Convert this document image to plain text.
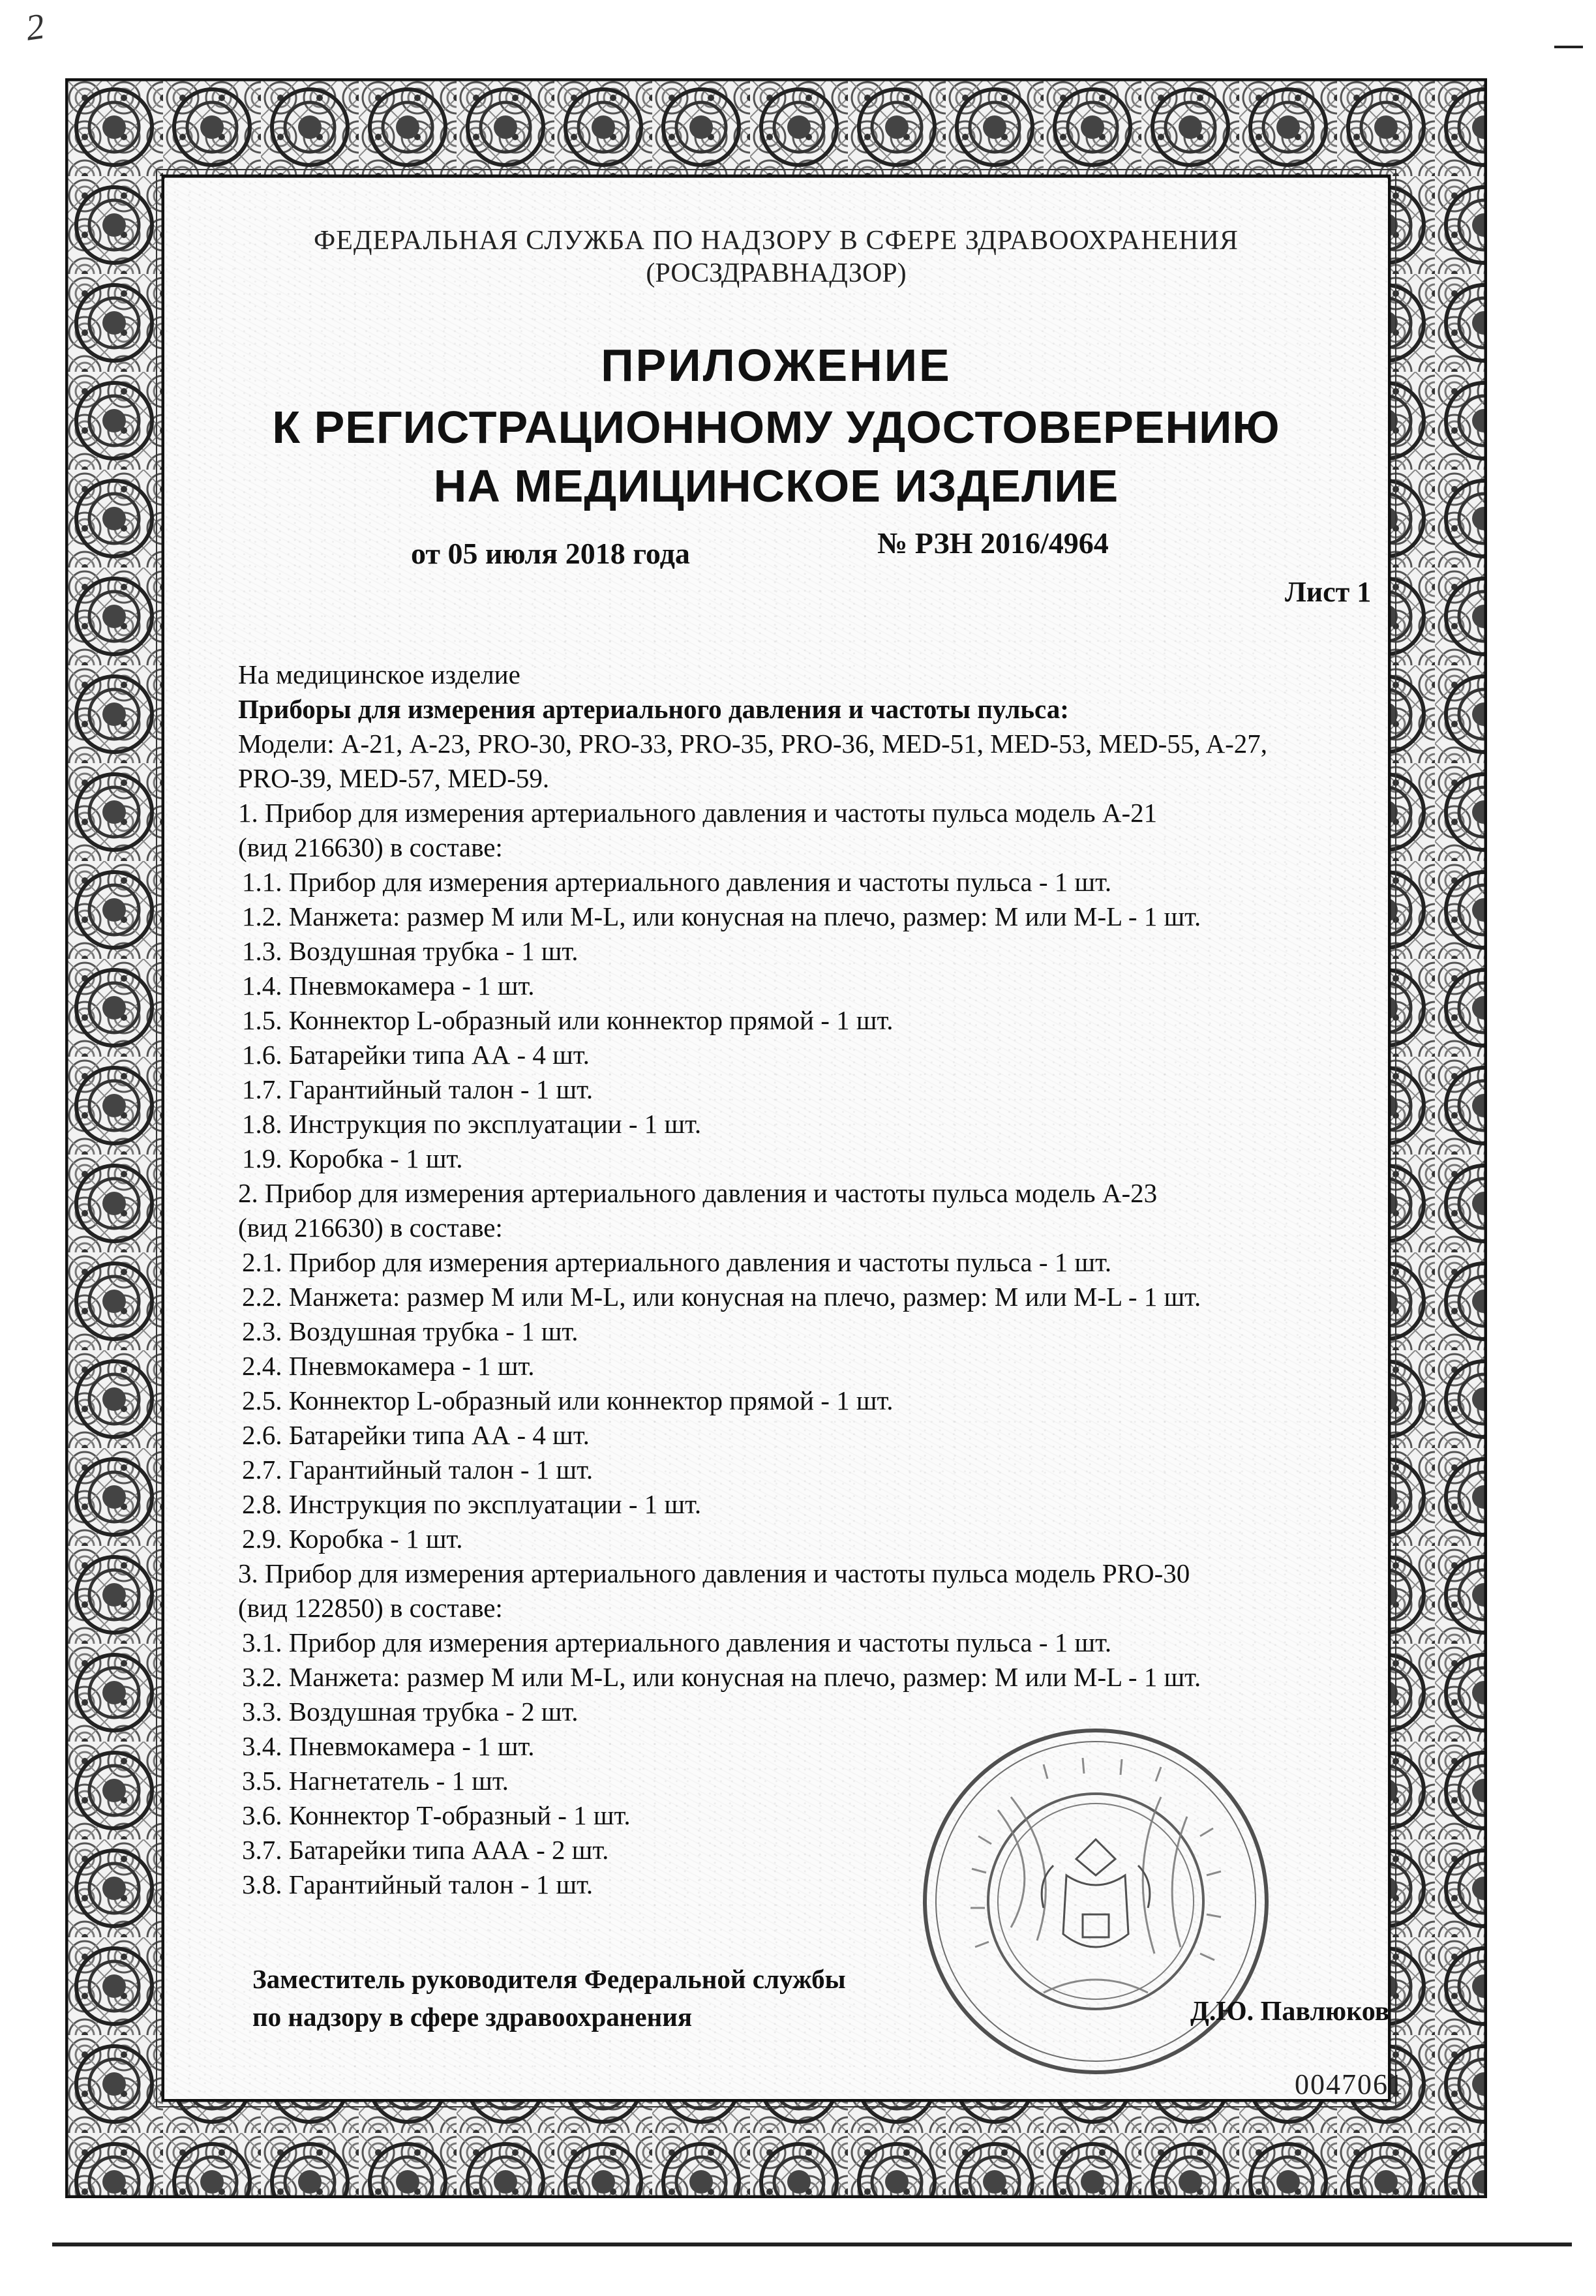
2
ФЕДЕРАЛЬНАЯ СЛУЖБА ПО НАДЗОРУ В СФЕРЕ ЗДРАВООХРАНЕНИЯ
(РОСЗДРАВНАДЗОР)
ПРИЛОЖЕНИЕ
К РЕГИСТРАЦИОННОМУ УДОСТОВЕРЕНИЮ
НА МЕДИЦИНСКОЕ ИЗДЕЛИЕ
от 05 июля 2018 года	№ РЗН 2016/4964
Лист 1
На медицинское изделие
Приборы для измерения артериального давления и частоты пульса:
Модели: А-21, А-23, PRO-30, PRO-33, PRO-35, PRO-36, MED-51, MED-53, MED-55, A-27,
PRO-39, MED-57, MED-59.
1. Прибор для измерения артериального давления и частоты пульса модель А-21
(вид 216630) в составе:
1.1. Прибор для измерения артериального давления и частоты пульса - 1 шт.
1.2. Манжета: размер М или M-L, или конусная на плечо, размер: М или M-L - 1 шт.
1.3. Воздушная трубка - 1 шт.
1.4. Пневмокамера - 1 шт.
1.5. Коннектор L-образный или коннектор прямой - 1 шт.
1.6. Батарейки типа АА - 4 шт.
1.7. Гарантийный талон - 1 шт.
1.8. Инструкция по эксплуатации - 1 шт.
1.9. Коробка - 1 шт.
2. Прибор для измерения артериального давления и частоты пульса модель А-23
(вид 216630) в составе:
2.1. Прибор для измерения артериального давления и частоты пульса - 1 шт.
2.2. Манжета: размер М или M-L, или конусная на плечо, размер: М или M-L - 1 шт.
2.3. Воздушная трубка - 1 шт.
2.4. Пневмокамера - 1 шт.
2.5. Коннектор L-образный или коннектор прямой - 1 шт.
2.6. Батарейки типа АА - 4 шт.
2.7. Гарантийный талон - 1 шт.
2.8. Инструкция по эксплуатации - 1 шт.
2.9. Коробка - 1 шт.
3. Прибор для измерения артериального давления и частоты пульса модель PRO-30
(вид 122850) в составе:
3.1. Прибор для измерения артериального давления и частоты пульса - 1 шт.
3.2. Манжета: размер М или M-L, или конусная на плечо, размер: М или M-L - 1 шт.
3.3. Воздушная трубка - 2 шт.
3.4. Пневмокамера - 1 шт.
3.5. Нагнетатель - 1 шт.
3.6. Коннектор Т-образный - 1 шт.
3.7. Батарейки типа ААА - 2 шт.
3.8. Гарантийный талон - 1 шт.
Заместитель руководителя Федеральной службы
по надзору в сфере здравоохранения	Д.Ю. Павлюков
0047061
